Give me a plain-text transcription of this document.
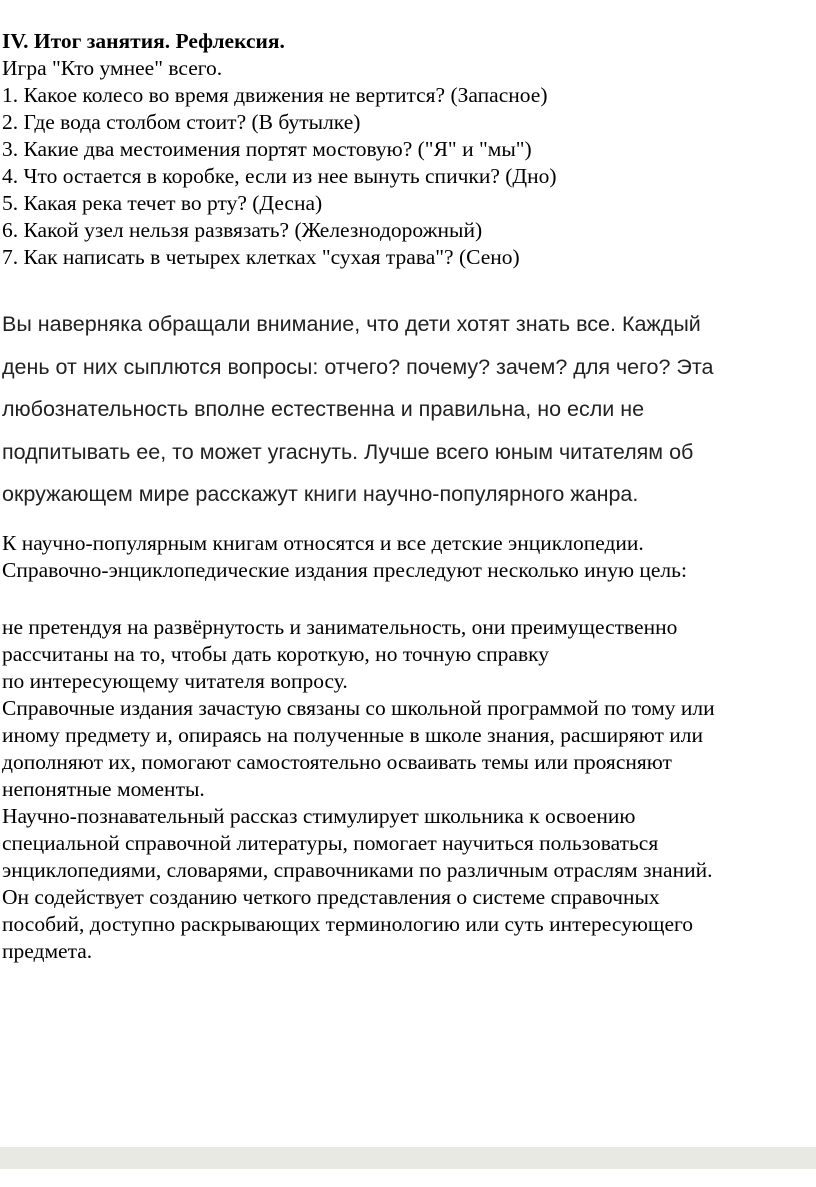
IV. Итог занятия. Рефлексия.
Игра "Кто умнее" всего.
1. Какое колесо во время движения не вертится? (Запасное)
2. Где вода столбом стоит? (В бутылке)
3. Какие два местоимения портят мостовую? ("Я" и "мы")
4. Что остается в коробке, если из нее вынуть спички? (Дно)
5. Какая река течет во рту? (Десна)
6. Какой узел нельзя развязать? (Железнодорожный)
7. Как написать в четырех клетках "сухая трава"? (Сено)
Вы наверняка обращали внимание, что дети хотят знать все. Каждый
день от них сыплются вопросы: отчего? почему? зачем? для чего? Эта
любознательность вполне естественна и правильна, но если не
подпитывать ее, то может угаснуть. Лучше всего юным читателям об
окружающем мире расскажут книги научно-популярного жанра.
К научно-популярным книгам относятся и все детские энциклопедии.
Справочно-энциклопедические издания преследуют несколько иную цель:
не претендуя на развёрнутость и занимательность, они преимущественно
рассчитаны на то, чтобы дать короткую, но точную справку
по интересующему читателя вопросу.
Справочные издания зачастую связаны со школьной программой по тому или
иному предмету и, опираясь на полученные в школе знания, расширяют или
дополняют их, помогают самостоятельно осваивать темы или проясняют
непонятные моменты.
Научно-познавательный рассказ стимулирует школьника к освоению
специальной справочной литературы, помогает научиться пользоваться
энциклопедиями, словарями, справочниками по различным отраслям знаний.
Он содействует созданию четкого представления о системе справочных
пособий, доступно раскрывающих терминологию или суть интересующего
предмета.
